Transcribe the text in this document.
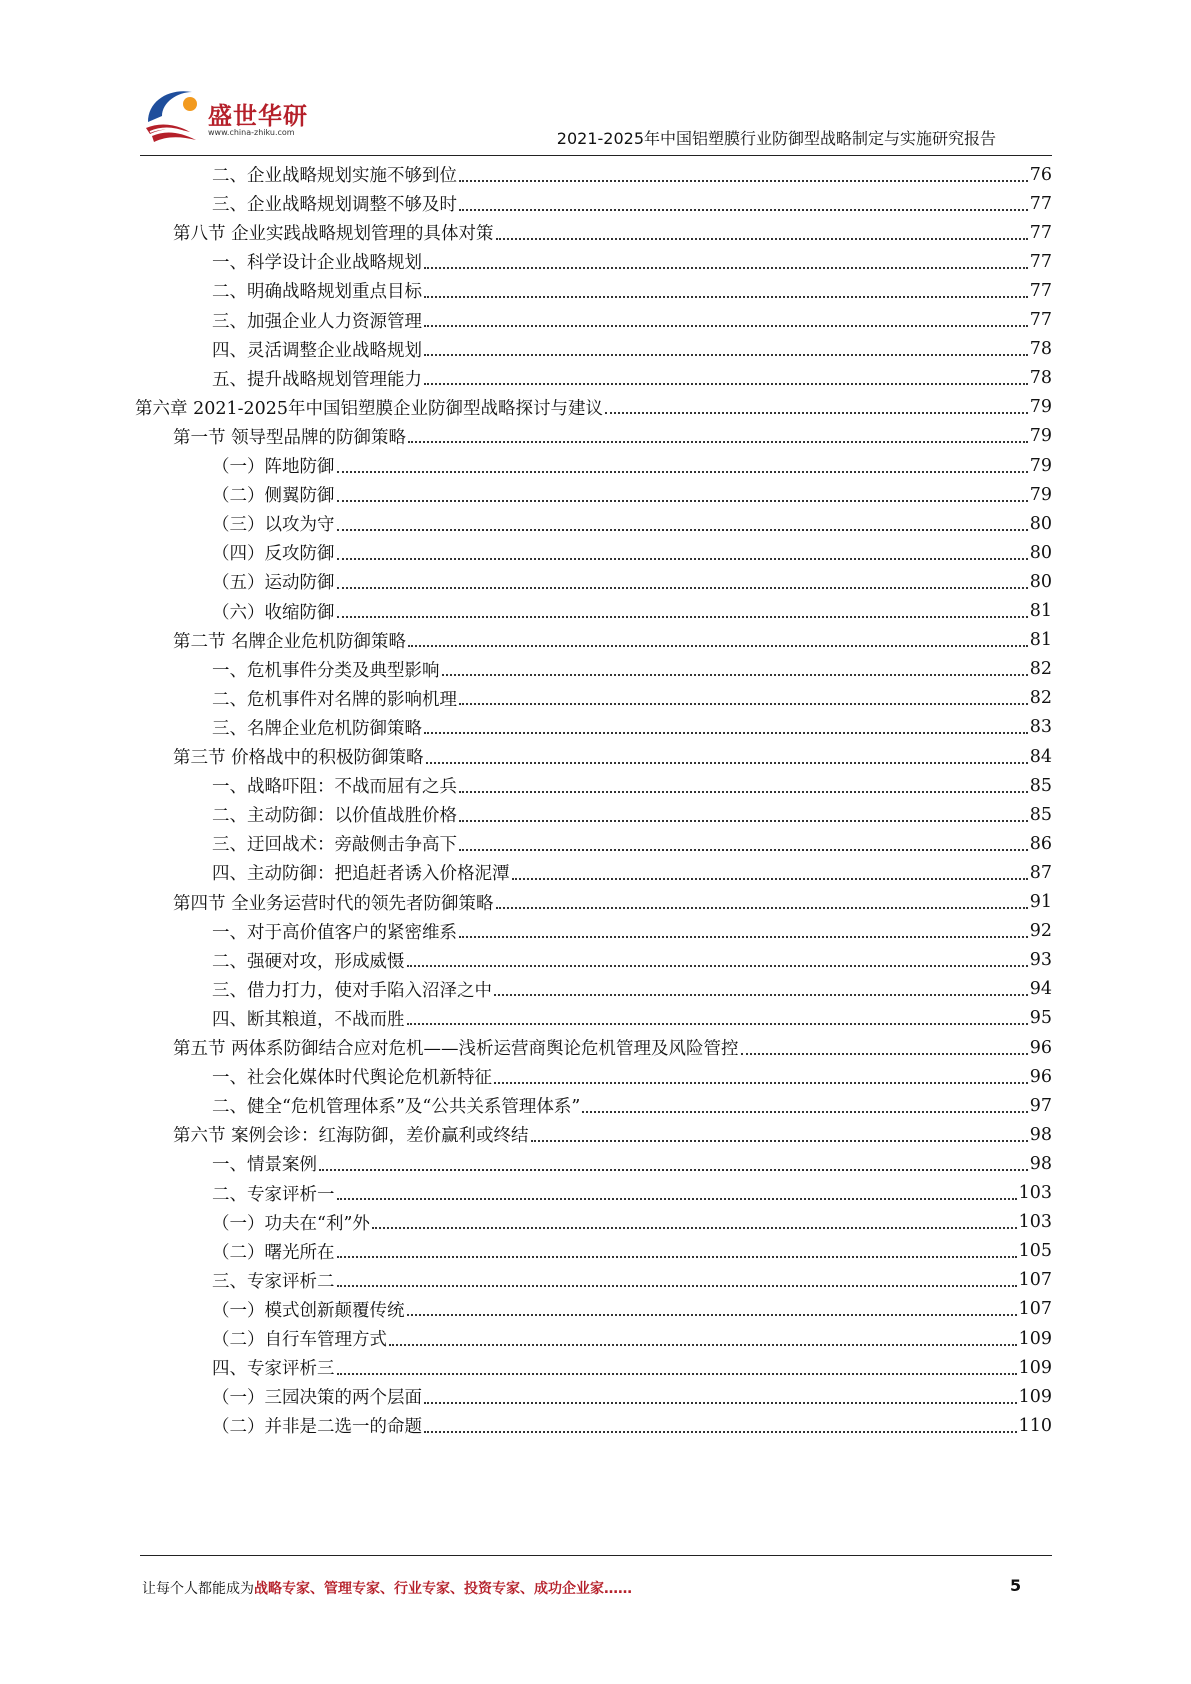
盛世华研
www.china-zhiku.com	2021-2025年中国铝塑膜行业防御型战略制定与实施研究报告
二、企业战略规划实施不够到位	76
三、企业战略规划调整不够及时	77
第八节 企业实践战略规划管理的具体对策	77
一、科学设计企业战略规划	77
二、明确战略规划重点目标	77
三、加强企业人力资源管理	77
四、灵活调整企业战略规划	78
五、提升战略规划管理能力	78
第六章 2021-2025年中国铝塑膜企业防御型战略探讨与建议	79
第一节 领导型品牌的防御策略	79
（一）阵地防御	79
（二）侧翼防御	79
（三）以攻为守	80
（四）反攻防御	80
（五）运动防御	80
（六）收缩防御	81
第二节 名牌企业危机防御策略	81
一、危机事件分类及典型影响	82
二、危机事件对名牌的影响机理	82
三、名牌企业危机防御策略	83
第三节 价格战中的积极防御策略	84
一、战略吓阻：不战而屈有之兵	85
二、主动防御：以价值战胜价格	85
三、迂回战术：旁敲侧击争高下	86
四、主动防御：把追赶者诱入价格泥潭	87
第四节 全业务运营时代的领先者防御策略	91
一、对于高价值客户的紧密维系	92
二、强硬对攻，形成威慑	93
三、借力打力，使对手陷入沼泽之中	94
四、断其粮道，不战而胜	95
第五节 两体系防御结合应对危机——浅析运营商舆论危机管理及风险管控	96
一、社会化媒体时代舆论危机新特征	96
二、健全“危机管理体系”及“公共关系管理体系”	97
第六节 案例会诊：红海防御，差价赢利或终结	98
一、情景案例	98
二、专家评析一	103
（一）功夫在“利”外	103
（二）曙光所在	105
三、专家评析二	107
（一）模式创新颠覆传统	107
（二）自行车管理方式	109
四、专家评析三	109
（一）三园决策的两个层面	109
（二）并非是二选一的命题	110
让每个人都能成为战略专家、管理专家、行业专家、投资专家、成功企业家……	5
